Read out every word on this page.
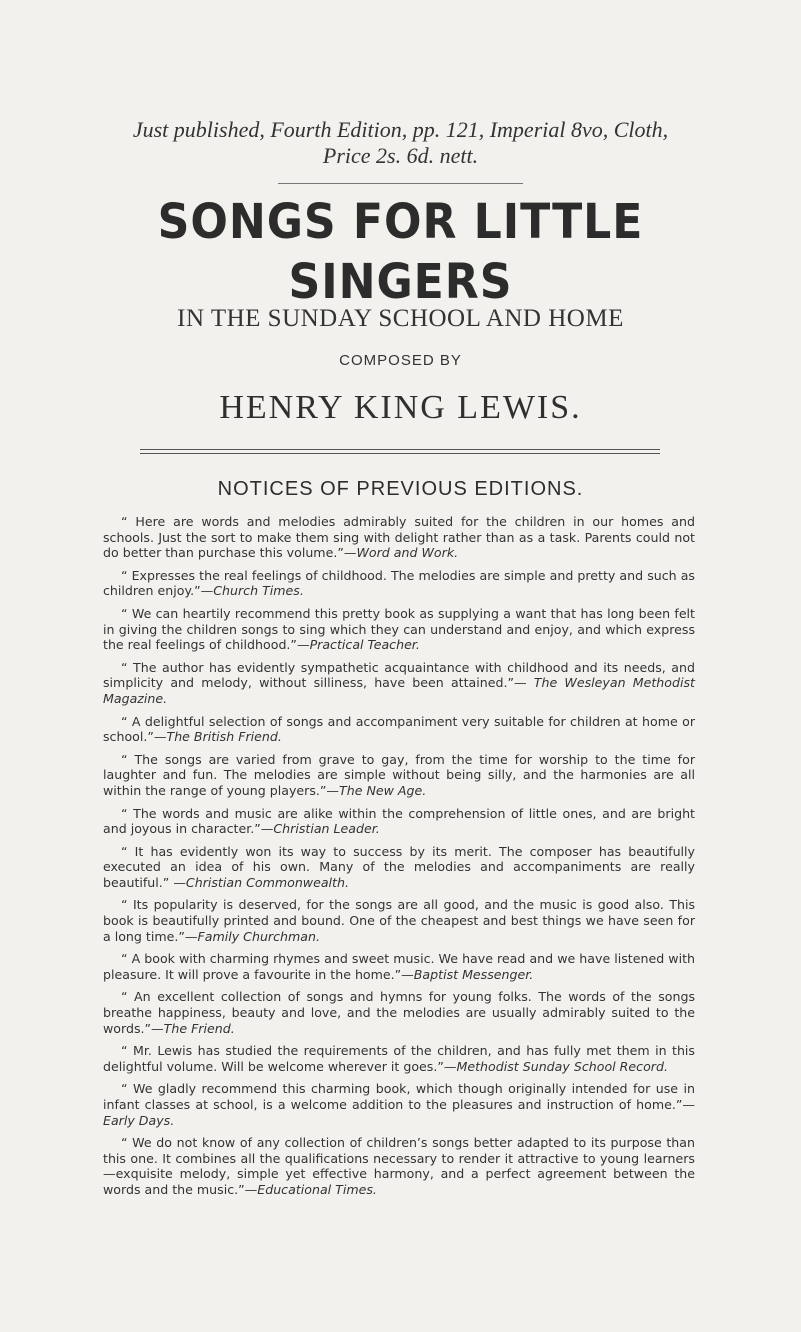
Just published, Fourth Edition, pp. 121, Imperial 8vo, Cloth,
Price 2s. 6d. nett.
SONGS FOR LITTLE SINGERS
IN THE SUNDAY SCHOOL AND HOME
COMPOSED BY
HENRY KING LEWIS.
NOTICES OF PREVIOUS EDITIONS.

“ Here are words and melodies admirably suited for the children in our homes and schools. Just the sort to make them sing with delight rather than as a task. Parents could not do better than purchase this volume.”—Word and Work.

“ Expresses the real feelings of childhood. The melodies are simple and pretty and such as children enjoy.”—Church Times.

“ We can heartily recommend this pretty book as supplying a want that has long been felt in giving the children songs to sing which they can understand and enjoy, and which express the real feelings of childhood.”—Practical Teacher.

“ The author has evidently sympathetic acquaintance with childhood and its needs, and simplicity and melody, without silliness, have been attained.”— The Wesleyan Methodist Magazine.

“ A delightful selection of songs and accompaniment very suitable for children at home or school.”—The British Friend.

“ The songs are varied from grave to gay, from the time for worship to the time for laughter and fun. The melodies are simple without being silly, and the harmonies are all within the range of young players.”—The New Age.

“ The words and music are alike within the comprehension of little ones, and are bright and joyous in character.”—Christian Leader.

“ It has evidently won its way to success by its merit. The composer has beautifully executed an idea of his own. Many of the melodies and accompaniments are really beautiful.” —Christian Commonwealth.

“ Its popularity is deserved, for the songs are all good, and the music is good also. This book is beautifully printed and bound. One of the cheapest and best things we have seen for a long time.”—Family Churchman.

“ A book with charming rhymes and sweet music. We have read and we have listened with pleasure. It will prove a favourite in the home.”—Baptist Messenger.

“ An excellent collection of songs and hymns for young folks. The words of the songs breathe happiness, beauty and love, and the melodies are usually admirably suited to the words.”—The Friend.

“ Mr. Lewis has studied the requirements of the children, and has fully met them in this delightful volume. Will be welcome wherever it goes.”—Methodist Sunday School Record.

“ We gladly recommend this charming book, which though originally intended for use in infant classes at school, is a welcome addition to the pleasures and instruction of home.”—Early Days.

“ We do not know of any collection of children’s songs better adapted to its purpose than this one. It combines all the qualifications necessary to render it attractive to young learners—exquisite melody, simple yet effective harmony, and a perfect agreement between the words and the music.”—Educational Times.
